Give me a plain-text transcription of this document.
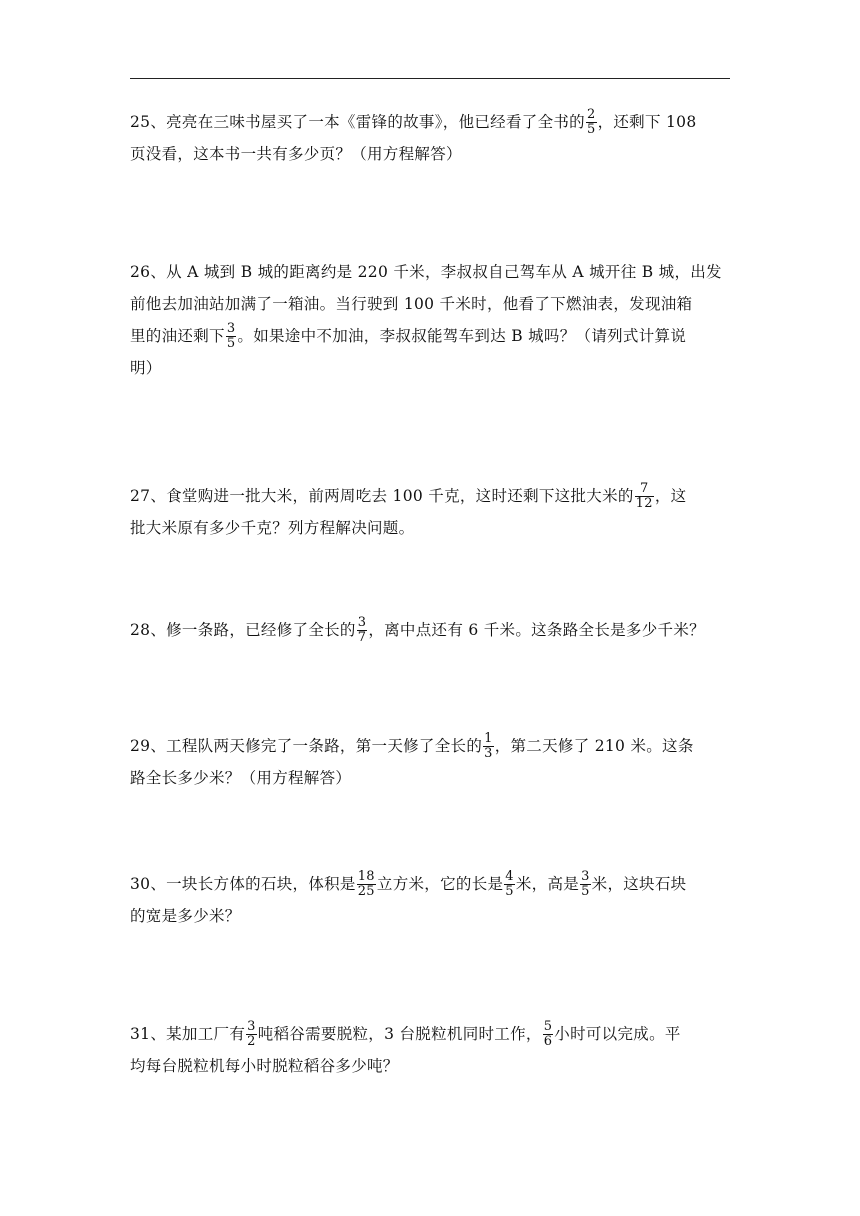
25、亮亮在三味书屋买了一本《雷锋的故事》，他已经看了全书的 $\frac{2}{5}$ ，还剩下 108
页没看，这本书一共有多少页？（用方程解答）
26、从 A 城到 B 城的距离约是 220 千米，李叔叔自己驾车从 A 城开往 B 城，出发
前他去加油站加满了一箱油。当行驶到 100 千米时，他看了下燃油表，发现油箱
里的油还剩下 $\frac{3}{5}$ 。如果途中不加油，李叔叔能驾车到达 B 城吗？（请列式计算说
明）
27、食堂购进一批大米，前两周吃去 100 千克，这时还剩下这批大米的 $\frac{7}{12}$ ，这
批大米原有多少千克？列方程解决问题。
28、修一条路，已经修了全长的 $\frac{3}{7}$ ，离中点还有 6 千米。这条路全长是多少千米？
29、工程队两天修完了一条路，第一天修了全长的 $\frac{1}{3}$ ，第二天修了 210 米。这条
路全长多少米？（用方程解答）
30、一块长方体的石块，体积是 $\frac{18}{25}$ 立方米，它的长是 $\frac{4}{5}$ 米，高是 $\frac{3}{5}$ 米，这块石块
的宽是多少米？
31、某加工厂有 $\frac{3}{2}$ 吨稻谷需要脱粒，3 台脱粒机同时工作， $\frac{5}{6}$ 小时可以完成。平
均每台脱粒机每小时脱粒稻谷多少吨？
